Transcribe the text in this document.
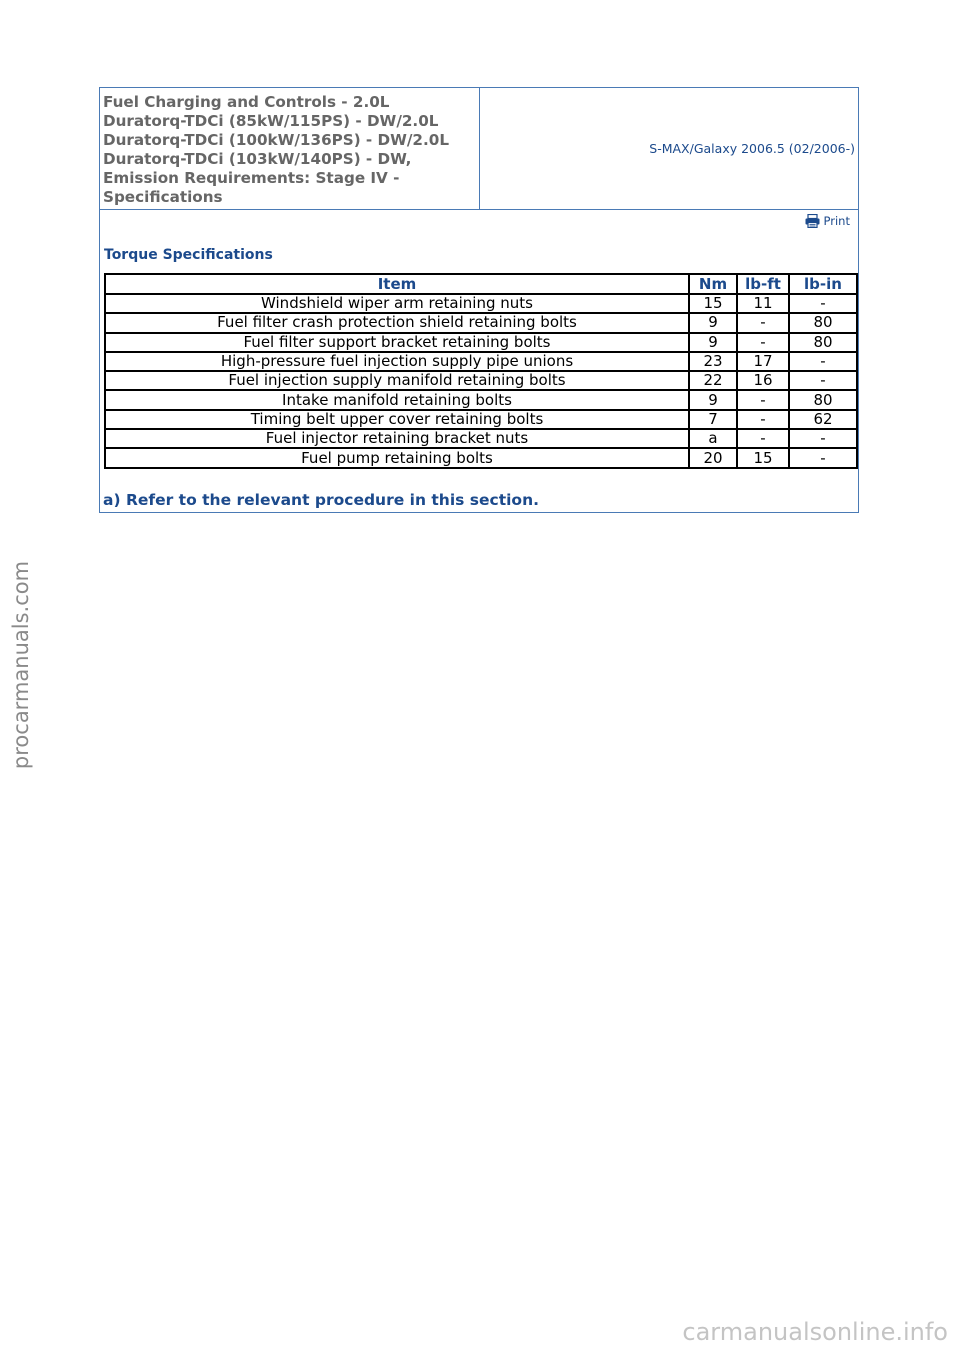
Fuel Charging and Controls - 2.0L Duratorq-TDCi (85kW/115PS) - DW/2.0L Duratorq-TDCi (100kW/136PS) - DW/2.0L Duratorq-TDCi (103kW/140PS) - DW, Emission Requirements: Stage IV - Specifications
S-MAX/Galaxy 2006.5 (02/2006-)
Print
Torque Specifications
Item	Nm	lb-ft	lb-in
Windshield wiper arm retaining nuts	15	11	-
Fuel filter crash protection shield retaining bolts	9	-	80
Fuel filter support bracket retaining bolts	9	-	80
High-pressure fuel injection supply pipe unions	23	17	-
Fuel injection supply manifold retaining bolts	22	16	-
Intake manifold retaining bolts	9	-	80
Timing belt upper cover retaining bolts	7	-	62
Fuel injector retaining bracket nuts	a	-	-
Fuel pump retaining bolts	20	15	-
a) Refer to the relevant procedure in this section.
procarmanuals.com
carmanualsonline.info
